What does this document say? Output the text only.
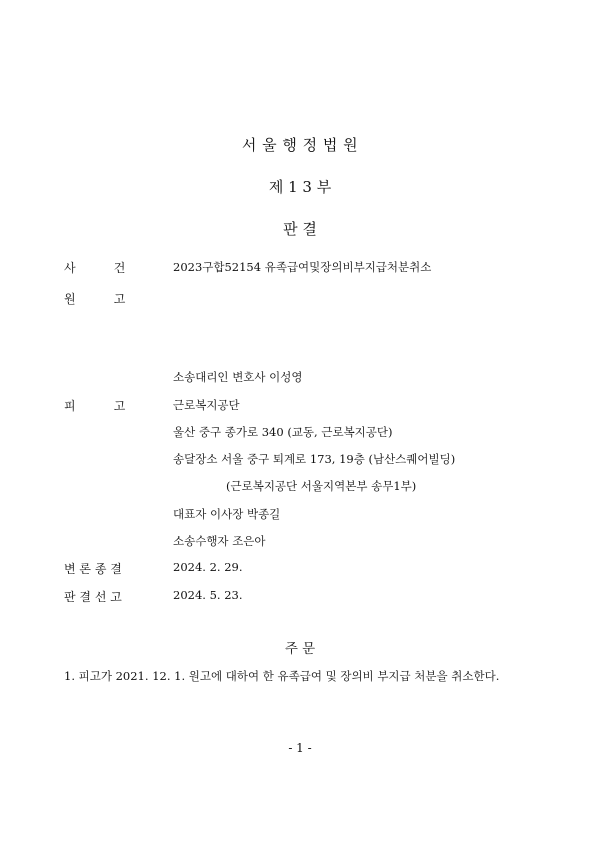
서 울 행 정 법 원
제 1 3 부
판 결
사          건	2023구합52154 유족급여및장의비부지급처분취소
원          고
소송대리인 변호사 이성영
피          고	근로복지공단
울산 중구 종가로 340 (교동, 근로복지공단)
송달장소 서울 중구 퇴계로 173, 19층 (남산스퀘어빌딩)
(근로복지공단 서울지역본부 송무1부)
대표자 이사장 박종길
소송수행자 조은아
변 론 종 결	2024. 2. 29.
판 결 선 고	2024. 5. 23.
주 문
1. 피고가 2021. 12. 1. 원고에 대하여 한 유족급여 및 장의비 부지급 처분을 취소한다.
- 1 -
